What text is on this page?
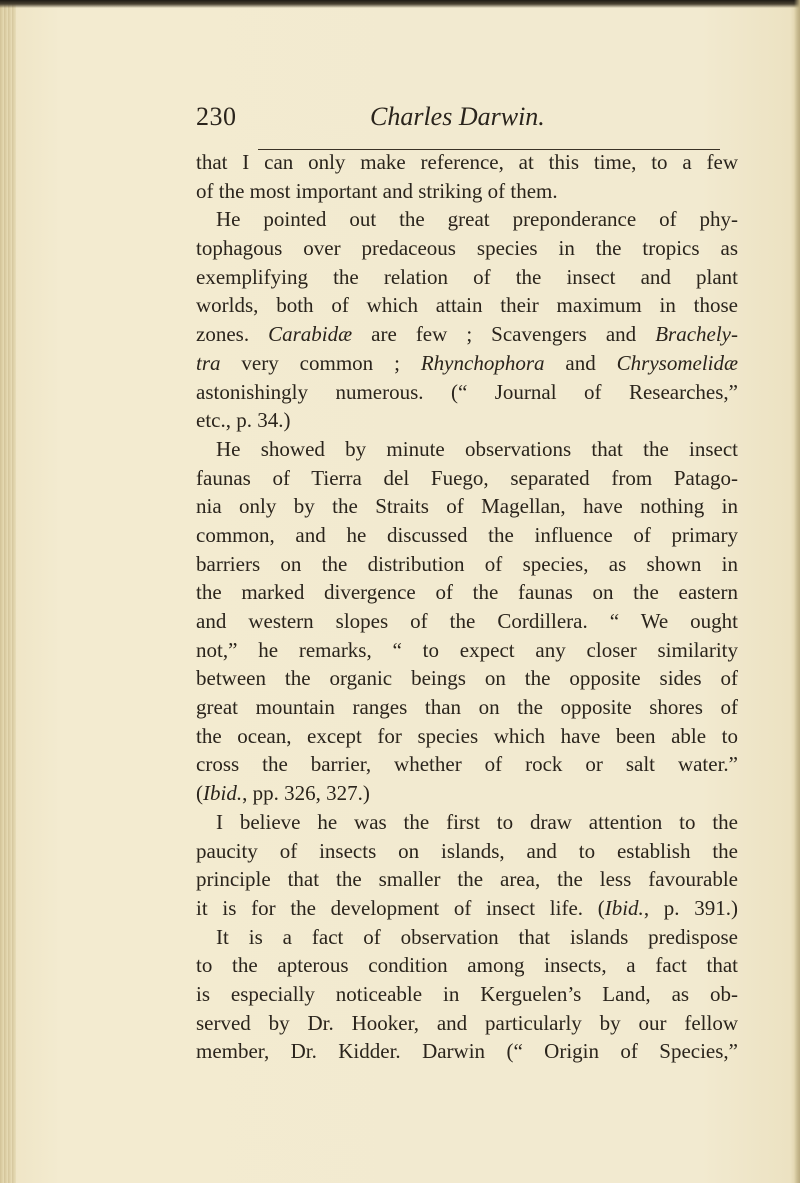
230	Charles Darwin.
that I can only make reference, at this time, to a few
of the most important and striking of them.
He pointed out the great preponderance of phy-
tophagous over predaceous species in the tropics as
exemplifying the relation of the insect and plant
worlds, both of which attain their maximum in those
zones. Carabidæ are few ; Scavengers and Brachely-
tra very common ; Rhynchophora and Chrysomelidæ
astonishingly numerous. (“ Journal of Researches,”
etc., p. 34.)
He showed by minute observations that the insect
faunas of Tierra del Fuego, separated from Patago-
nia only by the Straits of Magellan, have nothing in
common, and he discussed the influence of primary
barriers on the distribution of species, as shown in
the marked divergence of the faunas on the eastern
and western slopes of the Cordillera. “ We ought
not,” he remarks, “ to expect any closer similarity
between the organic beings on the opposite sides of
great mountain ranges than on the opposite shores of
the ocean, except for species which have been able to
cross the barrier, whether of rock or salt water.”
(Ibid., pp. 326, 327.)
I believe he was the first to draw attention to the
paucity of insects on islands, and to establish the
principle that the smaller the area, the less favourable
it is for the development of insect life. (Ibid., p. 391.)
It is a fact of observation that islands predispose
to the apterous condition among insects, a fact that
is especially noticeable in Kerguelen’s Land, as ob-
served by Dr. Hooker, and particularly by our fellow
member, Dr. Kidder. Darwin (“ Origin of Species,”
